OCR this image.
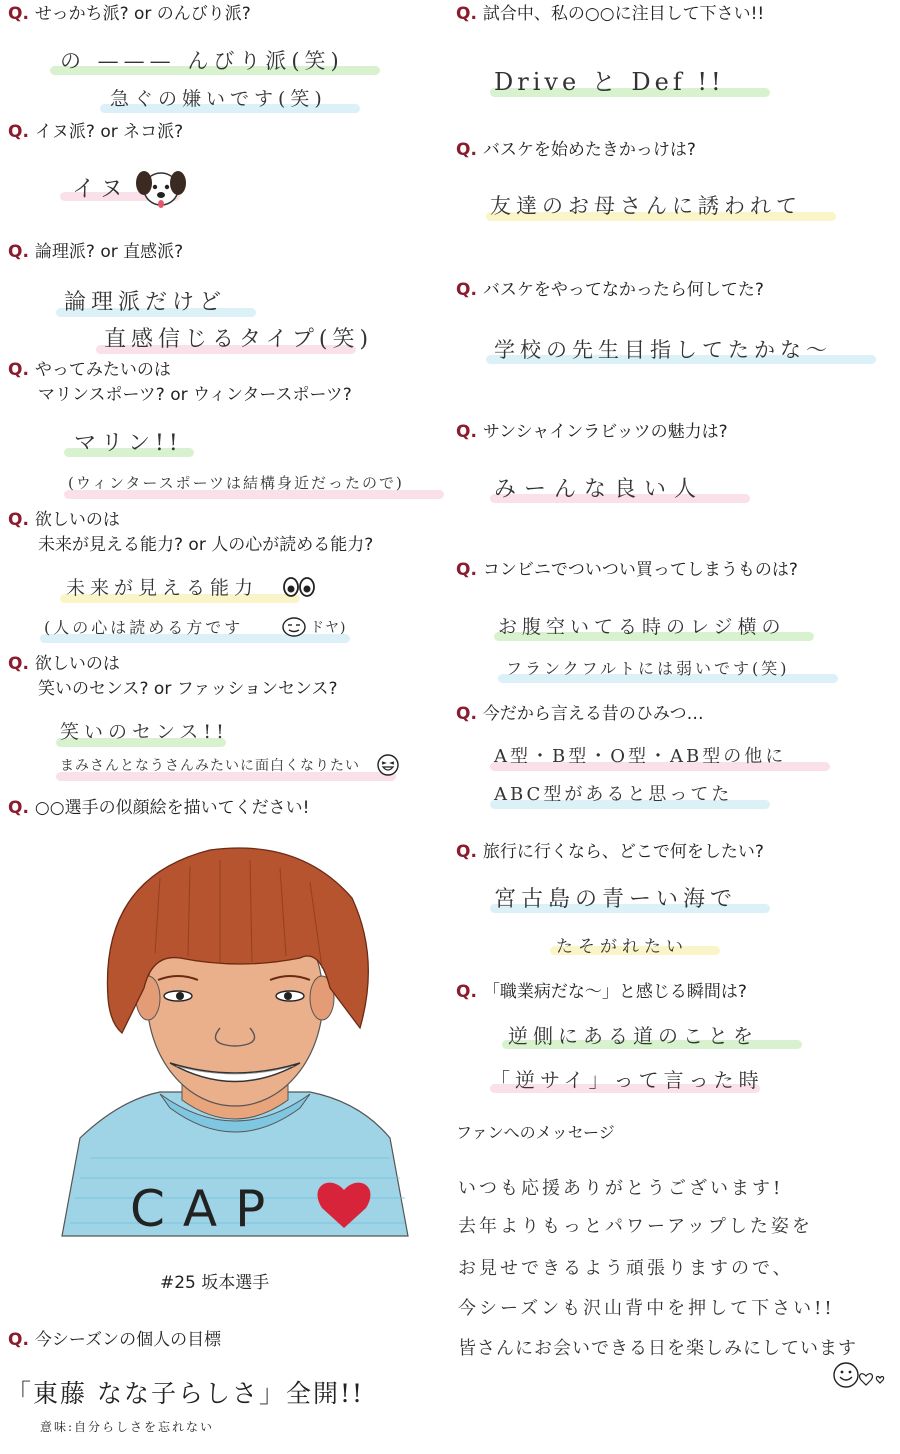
Q. せっかち派? or のんびり派?
の ——— んびり派(笑)
急ぐの嫌いです(笑)
Q. イヌ派? or ネコ派?
イヌ
Q. 論理派? or 直感派?
論理派だけど
直感信じるタイプ(笑)
Q. やってみたいのは
マリンスポーツ? or ウィンタースポーツ?
マリン!!
(ウィンタースポーツは結構身近だったので)
Q. 欲しいのは
未来が見える能力? or 人の心が読める能力?
未来が見える能力
(人の心は読める方です	ドヤ)
Q. 欲しいのは
笑いのセンス? or ファッションセンス?
笑いのセンス!!
まみさんとなうさんみたいに面白くなりたい
Q. ○○選手の似顔絵を描いてください!
CAP
#25 坂本選手
Q. 今シーズンの個人の目標
「東藤 なな子らしさ」全開!!
意味:自分らしさを忘れない
Q. 試合中、私の○○に注目して下さい!!
Drive と Def !!
Q. バスケを始めたきかっけは?
友達のお母さんに誘われて
Q. バスケをやってなかったら何してた?
学校の先生目指してたかな〜
Q. サンシャインラビッツの魅力は?
みーんな良い人
Q. コンビニでついつい買ってしまうものは?
お腹空いてる時のレジ横の
フランクフルトには弱いです(笑)
Q. 今だから言える昔のひみつ…
A型・B型・O型・AB型の他に
ABC型があると思ってた
Q. 旅行に行くなら、どこで何をしたい?
宮古島の青ーい海で
たそがれたい
Q. 「職業病だな〜」と感じる瞬間は?
逆側にある道のことを
「逆サイ」って言った時
ファンへのメッセージ
いつも応援ありがとうございます!
去年よりもっとパワーアップした姿を
お見せできるよう頑張りますので、
今シーズンも沢山背中を押して下さい!!
皆さんにお会いできる日を楽しみにしています
